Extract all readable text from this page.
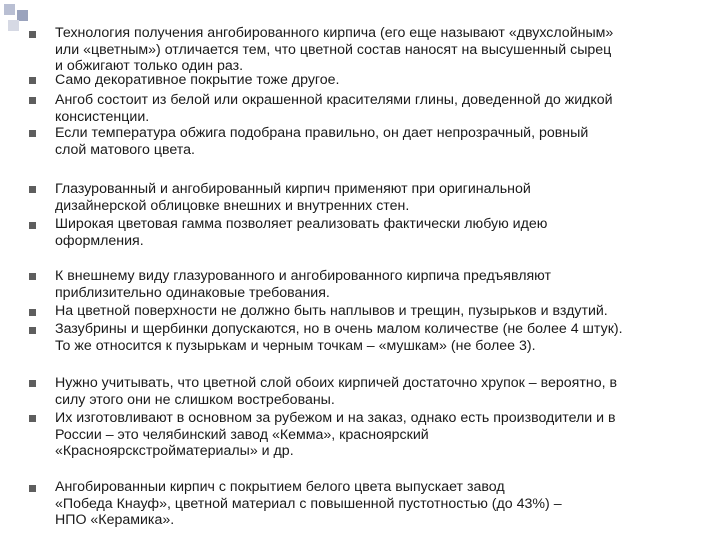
Технология получения ангобированного кирпича (его еще называют «двухслойным»
или «цветным») отличается тем, что цветной состав наносят на высушенный сырец
и обжигают только один раз.
Само декоративное покрытие тоже другое.
Ангоб состоит из белой или окрашенной красителями глины, доведенной до жидкой
консистенции.
Если температура обжига подобрана правильно, он дает непрозрачный, ровный
слой матового цвета.
Глазурованный и ангобированный кирпич применяют при оригинальной
дизайнерской облицовке внешних и внутренних стен.
Широкая цветовая гамма позволяет реализовать фактически любую идею
оформления.
К внешнему виду глазурованного и ангобированного кирпича предъявляют
приблизительно одинаковые требования.
На цветной поверхности не должно быть наплывов и трещин, пузырьков и вздутий.
Зазубрины и щербинки допускаются, но в очень малом количестве (не более 4 штук).
То же относится к пузырькам и черным точкам – «мушкам» (не более 3).
Нужно учитывать, что цветной слой обоих кирпичей достаточно хрупок – вероятно, в
силу этого они не слишком востребованы.
Их изготовливают в основном за рубежом и на заказ, однако есть производители и в
России – это челябинский завод «Кемма», красноярский
«Красноярскстройматериалы» и др.
Ангобированныи кирпич с покрытием белого цвета выпускает завод
«Победа Кнауф», цветной материал с повышенной пустотностью (до 43%) –
НПО «Керамика».
